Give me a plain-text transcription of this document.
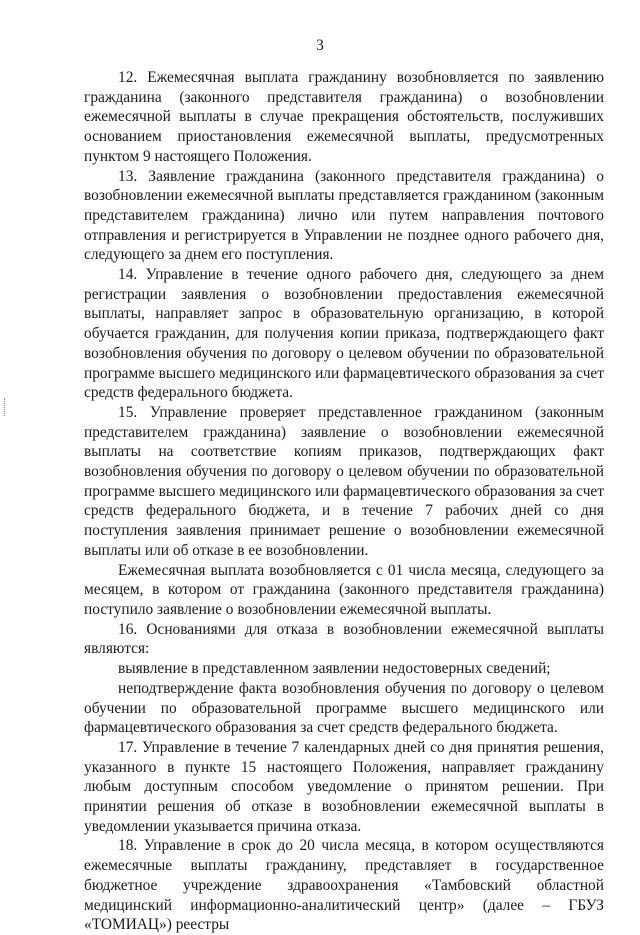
3

12. Ежемесячная выплата гражданину возобновляется по заявлению гражданина (законного представителя гражданина) о возобновлении ежемесячной выплаты в случае прекращения обстоятельств, послуживших основанием приостановления ежемесячной выплаты, предусмотренных пунктом 9 настоящего Положения.

13. Заявление гражданина (законного представителя гражданина) о возобновлении ежемесячной выплаты представляется гражданином (законным представителем гражданина) лично или путем направления почтового отправления и регистрируется в Управлении не позднее одного рабочего дня, следующего за днем его поступления.

14. Управление в течение одного рабочего дня, следующего за днем регистрации заявления о возобновлении предоставления ежемесячной выплаты, направляет запрос в образовательную организацию, в которой обучается гражданин, для получения копии приказа, подтверждающего факт возобновления обучения по договору о целевом обучении по образовательной программе высшего медицинского или фармацевтического образования за счет средств федерального бюджета.

15. Управление проверяет представленное гражданином (законным представителем гражданина) заявление о возобновлении ежемесячной выплаты на соответствие копиям приказов, подтверждающих факт возобновления обучения по договору о целевом обучении по образовательной программе высшего медицинского или фармацевтического образования за счет средств федерального бюджета, и в течение 7 рабочих дней со дня поступления заявления принимает решение о возобновлении ежемесячной выплаты или об отказе в ее возобновлении.

Ежемесячная выплата возобновляется с 01 числа месяца, следующего за месяцем, в котором от гражданина (законного представителя гражданина) поступило заявление о возобновлении ежемесячной выплаты.

16. Основаниями для отказа в возобновлении ежемесячной выплаты являются:

выявление в представленном заявлении недостоверных сведений;

неподтверждение факта возобновления обучения по договору о целевом обучении по образовательной программе высшего медицинского или фармацевтического образования за счет средств федерального бюджета.

17. Управление в течение 7 календарных дней со дня принятия решения, указанного в пункте 15 настоящего Положения, направляет гражданину любым доступным способом уведомление о принятом решении. При принятии решения об отказе в возобновлении ежемесячной выплаты в уведомлении указывается причина отказа.

18. Управление в срок до 20 числа месяца, в котором осуществляются ежемесячные выплаты гражданину, представляет в государственное бюджетное учреждение здравоохранения «Тамбовский областной медицинский информационно-аналитический центр» (далее – ГБУЗ «ТОМИАЦ») реестры
